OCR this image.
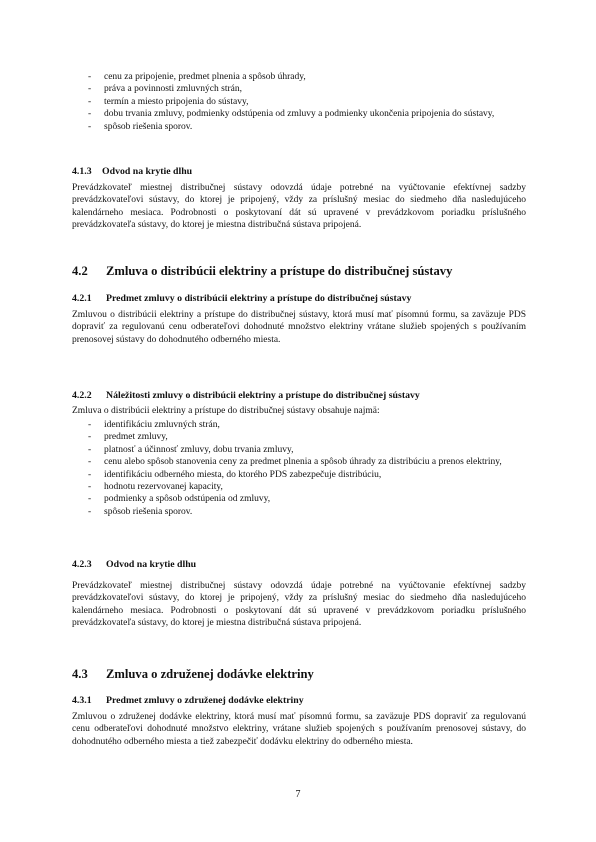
- cenu za pripojenie, predmet plnenia a spôsob úhrady,
- práva a povinnosti zmluvných strán,
- termín a miesto pripojenia do sústavy,
- dobu trvania zmluvy, podmienky odstúpenia od zmluvy a podmienky ukončenia pripojenia do sústavy,
- spôsob riešenia sporov.
4.1.3 Odvod na krytie dlhu

Prevádzkovateľ miestnej distribučnej sústavy odovzdá údaje potrebné na vyúčtovanie efektívnej sadzby prevádzkovateľovi sústavy, do ktorej je pripojený, vždy za príslušný mesiac do siedmeho dňa nasledujúceho kalendárneho mesiaca. Podrobnosti o poskytovaní dát sú upravené v prevádzkovom poriadku príslušného prevádzkovateľa sústavy, do ktorej je miestna distribučná sústava pripojená.

4.2 Zmluva o distribúcii elektriny a prístupe do distribučnej sústavy
4.2.1 Predmet zmluvy o distribúcii elektriny a prístupe do distribučnej sústavy

Zmluvou o distribúcii elektriny a prístupe do distribučnej sústavy, ktorá musí mať písomnú formu, sa zaväzuje PDS dopraviť za regulovanú cenu odberateľovi dohodnuté množstvo elektriny vrátane služieb spojených s používaním prenosovej sústavy do dohodnutého odberného miesta.

4.2.2 Náležitosti zmluvy o distribúcii elektriny a prístupe do distribučnej sústavy

Zmluva o distribúcii elektriny a prístupe do distribučnej sústavy obsahuje najmä:

- identifikáciu zmluvných strán,
- predmet zmluvy,
- platnosť a účinnosť zmluvy, dobu trvania zmluvy,
- cenu alebo spôsob stanovenia ceny za predmet plnenia a spôsob úhrady za distribúciu a prenos elektriny,
- identifikáciu odberného miesta, do ktorého PDS zabezpečuje distribúciu,
- hodnotu rezervovanej kapacity,
- podmienky a spôsob odstúpenia od zmluvy,
- spôsob riešenia sporov.
4.2.3 Odvod na krytie dlhu

Prevádzkovateľ miestnej distribučnej sústavy odovzdá údaje potrebné na vyúčtovanie efektívnej sadzby prevádzkovateľovi sústavy, do ktorej je pripojený, vždy za príslušný mesiac do siedmeho dňa nasledujúceho kalendárneho mesiaca. Podrobnosti o poskytovaní dát sú upravené v prevádzkovom poriadku príslušného prevádzkovateľa sústavy, do ktorej je miestna distribučná sústava pripojená.

4.3 Zmluva o združenej dodávke elektriny
4.3.1 Predmet zmluvy o združenej dodávke elektriny

Zmluvou o združenej dodávke elektriny, ktorá musí mať písomnú formu, sa zaväzuje PDS dopraviť za regulovanú cenu odberateľovi dohodnuté množstvo elektriny, vrátane služieb spojených s používaním prenosovej sústavy, do dohodnutého odberného miesta a tiež zabezpečiť dodávku elektriny do odberného miesta.

7
